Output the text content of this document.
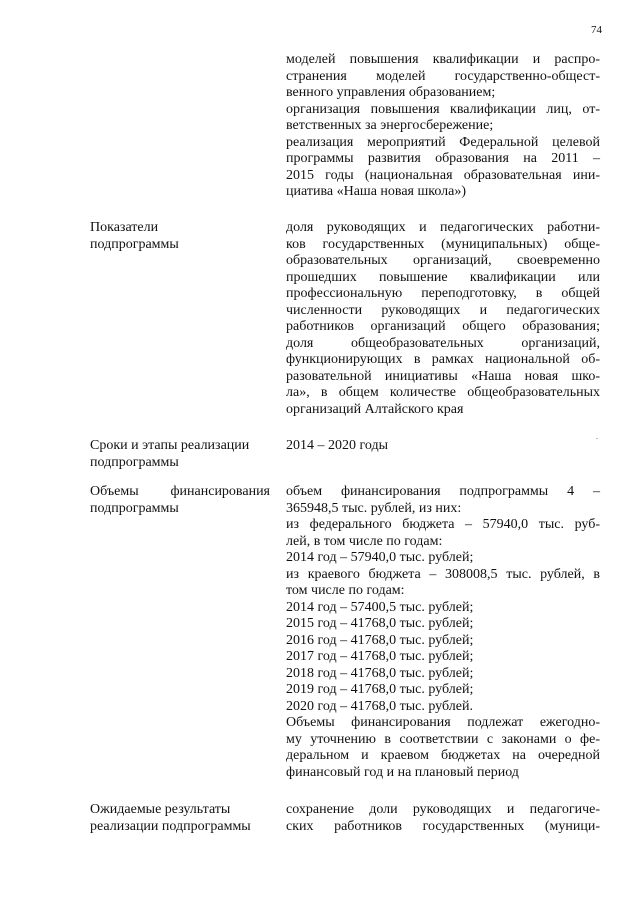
74
моделей повышения квалификации и распро-
странения моделей государственно-общест-
венного управления образованием;
организация повышения квалификации лиц, от-
ветственных за энергосбережение;
реализация мероприятий Федеральной целевой
программы развития образования на 2011 –
2015 годы (национальная образовательная ини-
циатива «Наша новая школа»)
Показатели
подпрограммы
доля руководящих и педагогических работни-
ков государственных (муниципальных) обще-
образовательных организаций, своевременно
прошедших повышение квалификации или
профессиональную переподготовку, в общей
численности руководящих и педагогических
работников организаций общего образования;
доля общеобразовательных организаций,
функционирующих в рамках национальной об-
разовательной инициативы «Наша новая шко-
ла», в общем количестве общеобразовательных
организаций Алтайского края
Сроки и этапы реализации
подпрограммы
2014 – 2020 годы
Объемы финансирования
подпрограммы
объем финансирования подпрограммы 4 –
365948,5 тыс. рублей, из них:
из федерального бюджета – 57940,0 тыс. руб-
лей, в том числе по годам:
2014 год – 57940,0 тыс. рублей;
из краевого бюджета – 308008,5 тыс. рублей, в
том числе по годам:
2014 год – 57400,5 тыс. рублей;
2015 год – 41768,0 тыс. рублей;
2016 год – 41768,0 тыс. рублей;
2017 год – 41768,0 тыс. рублей;
2018 год – 41768,0 тыс. рублей;
2019 год – 41768,0 тыс. рублей;
2020 год – 41768,0 тыс. рублей.
Объемы финансирования подлежат ежегодно-
му уточнению в соответствии с законами о фе-
деральном и краевом бюджетах на очередной
финансовый год и на плановый период
Ожидаемые результаты
реализации подпрограммы
сохранение доли руководящих и педагогиче-
ских работников государственных (муници-
